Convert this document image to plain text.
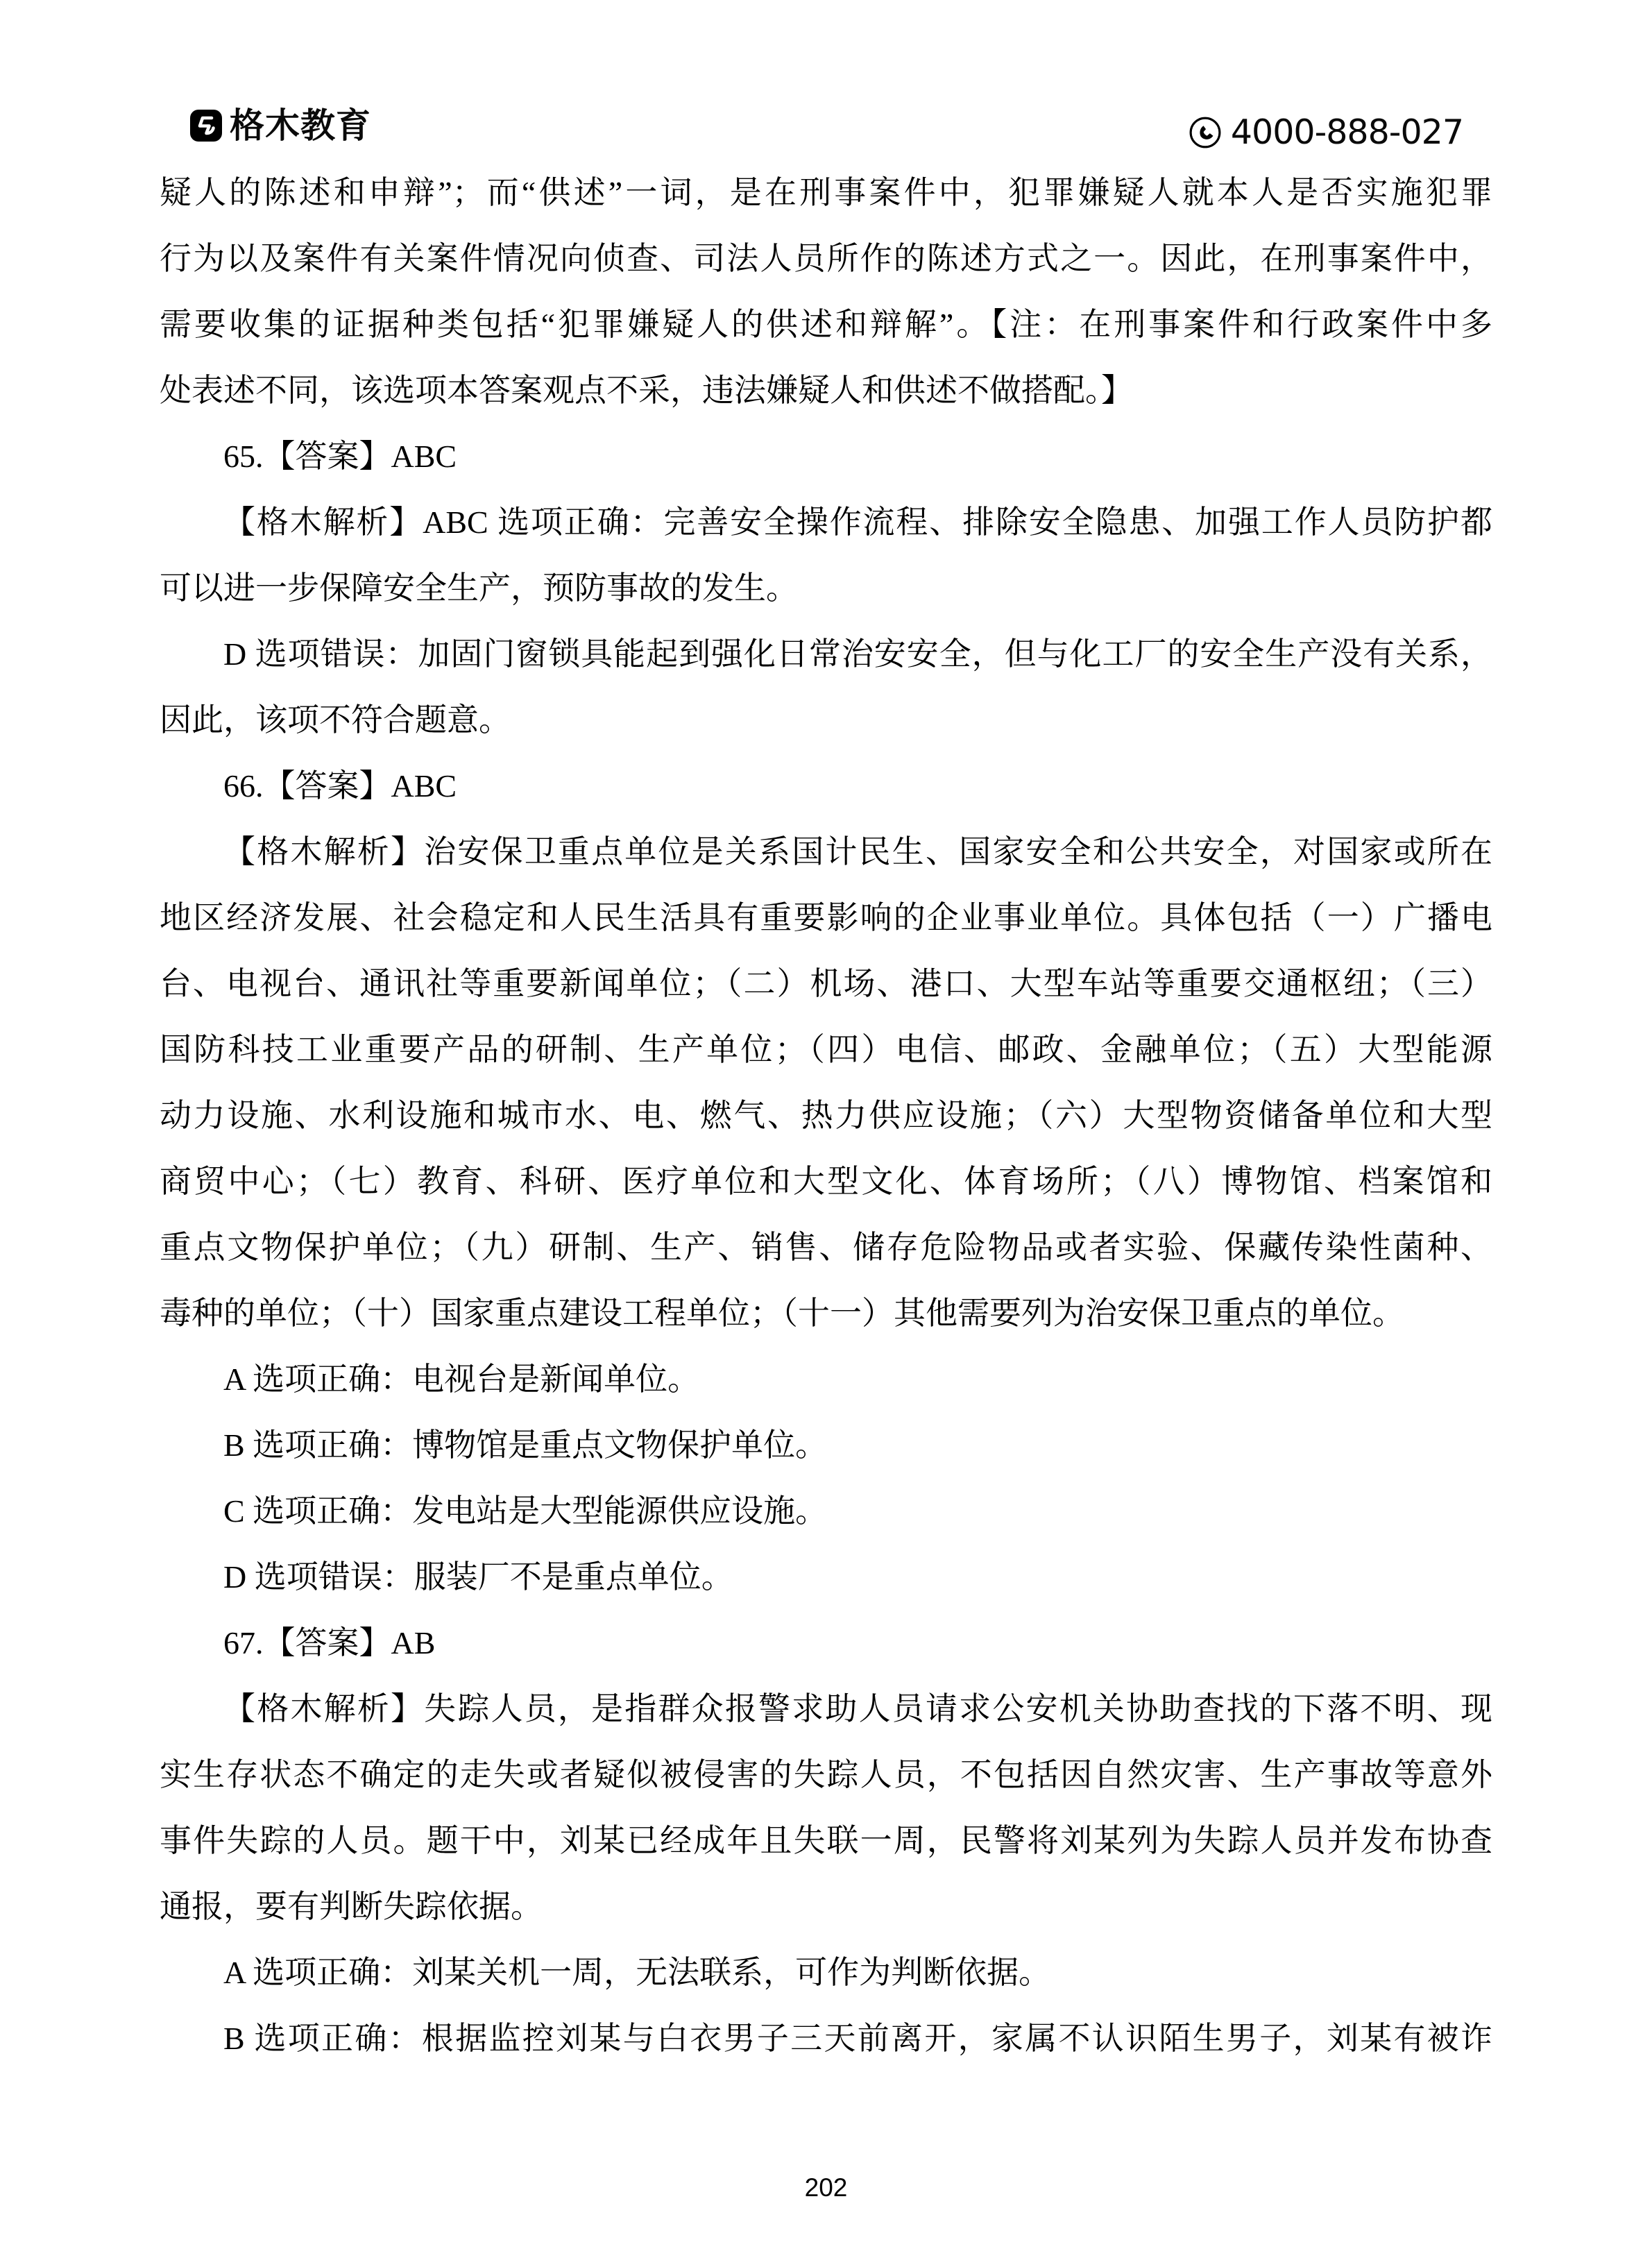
格木教育	4000-888-027
疑人的陈述和申辩”；而“供述”一词，是在刑事案件中，犯罪嫌疑人就本人是否实施犯罪
行为以及案件有关案件情况向侦查、司法人员所作的陈述方式之一。因此，在刑事案件中，
需要收集的证据种类包括“犯罪嫌疑人的供述和辩解”。【注：在刑事案件和行政案件中多
处表述不同，该选项本答案观点不采，违法嫌疑人和供述不做搭配。】
65.【答案】ABC
【格木解析】ABC 选项正确：完善安全操作流程、排除安全隐患、加强工作人员防护都
可以进一步保障安全生产，预防事故的发生。
D 选项错误：加固门窗锁具能起到强化日常治安安全，但与化工厂的安全生产没有关系，
因此，该项不符合题意。
66.【答案】ABC
【格木解析】治安保卫重点单位是关系国计民生、国家安全和公共安全，对国家或所在
地区经济发展、社会稳定和人民生活具有重要影响的企业事业单位。具体包括（一）广播电
台、电视台、通讯社等重要新闻单位；（二）机场、港口、大型车站等重要交通枢纽；（三）
国防科技工业重要产品的研制、生产单位；（四）电信、邮政、金融单位；（五）大型能源
动力设施、水利设施和城市水、电、燃气、热力供应设施；（六）大型物资储备单位和大型
商贸中心；（七）教育、科研、医疗单位和大型文化、体育场所；（八）博物馆、档案馆和
重点文物保护单位；（九）研制、生产、销售、储存危险物品或者实验、保藏传染性菌种、
毒种的单位；（十）国家重点建设工程单位；（十一）其他需要列为治安保卫重点的单位。
A 选项正确：电视台是新闻单位。
B 选项正确：博物馆是重点文物保护单位。
C 选项正确：发电站是大型能源供应设施。
D 选项错误：服装厂不是重点单位。
67.【答案】AB
【格木解析】失踪人员，是指群众报警求助人员请求公安机关协助查找的下落不明、现
实生存状态不确定的走失或者疑似被侵害的失踪人员，不包括因自然灾害、生产事故等意外
事件失踪的人员。题干中，刘某已经成年且失联一周，民警将刘某列为失踪人员并发布协查
通报，要有判断失踪依据。
A 选项正确：刘某关机一周，无法联系，可作为判断依据。
B 选项正确：根据监控刘某与白衣男子三天前离开，家属不认识陌生男子，刘某有被诈
202
